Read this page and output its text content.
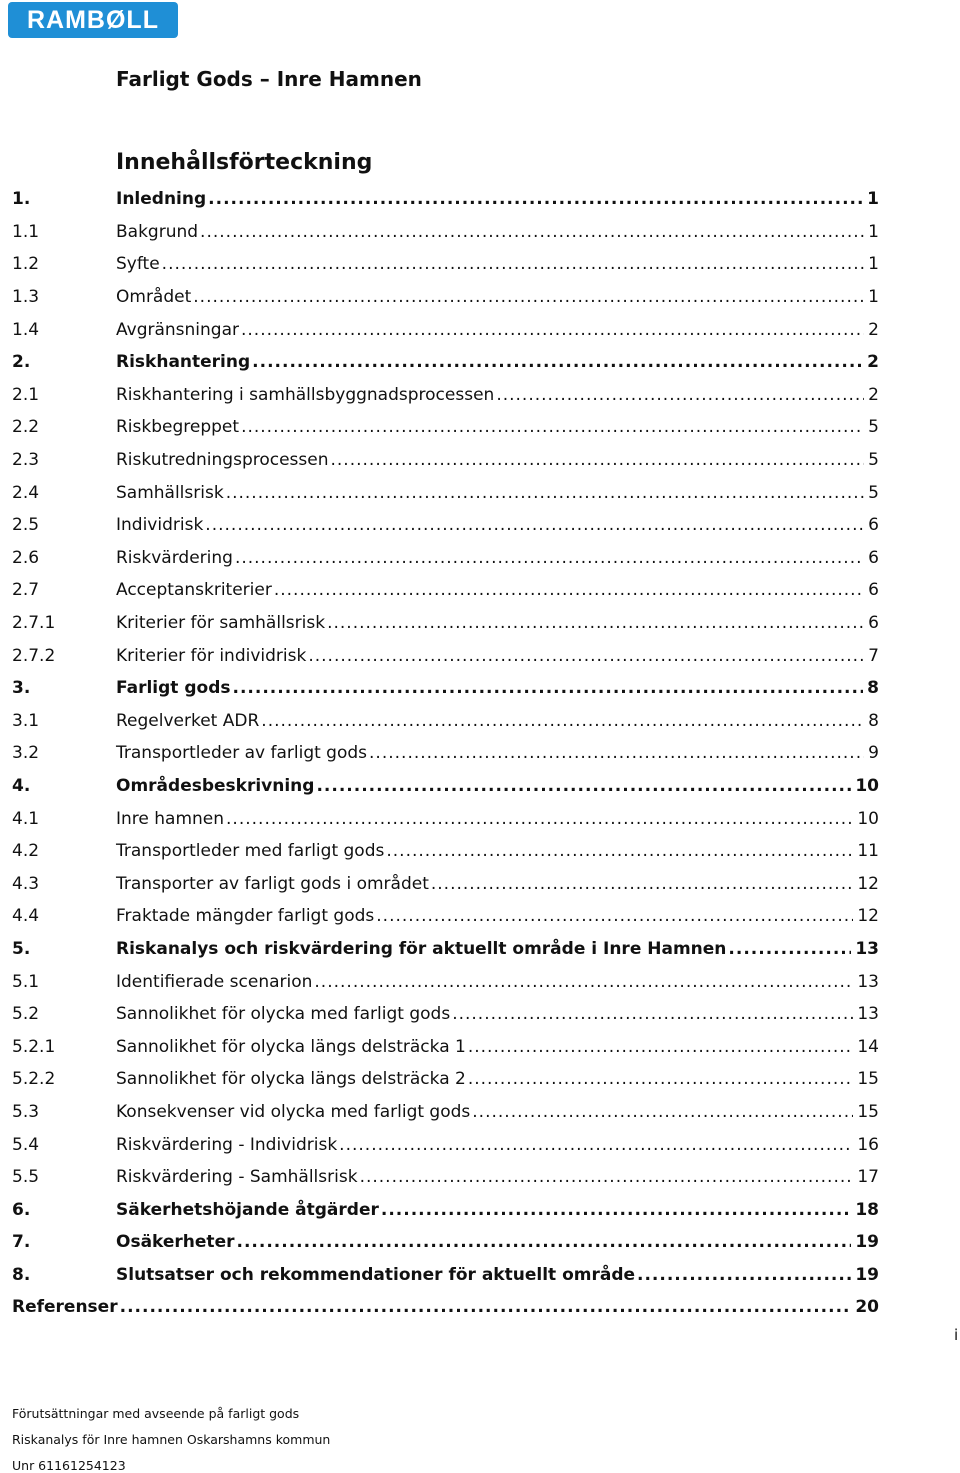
RAMBØLL
Farligt Gods – Inre Hamnen
Innehållsförteckning
1.	Inledning .....	1
1.1	Bakgrund .....	1
1.2	Syfte .....	1
1.3	Området .....	1
1.4	Avgränsningar .....	2
2.	Riskhantering .....	2
2.1	Riskhantering i samhällsbyggnadsprocessen .....	2
2.2	Riskbegreppet .....	5
2.3	Riskutredningsprocessen .....	5
2.4	Samhällsrisk .....	5
2.5	Individrisk .....	6
2.6	Riskvärdering .....	6
2.7	Acceptanskriterier .....	6
2.7.1	Kriterier för samhällsrisk .....	6
2.7.2	Kriterier för individrisk .....	7
3.	Farligt gods .....	8
3.1	Regelverket ADR .....	8
3.2	Transportleder av farligt gods .....	9
4.	Områdesbeskrivning .....	10
4.1	Inre hamnen .....	10
4.2	Transportleder med farligt gods .....	11
4.3	Transporter av farligt gods i området .....	12
4.4	Fraktade mängder farligt gods .....	12
5.	Riskanalys och riskvärdering för aktuellt område i Inre Hamnen .....	13
5.1	Identifierade scenarion .....	13
5.2	Sannolikhet för olycka med farligt gods .....	13
5.2.1	Sannolikhet för olycka längs delsträcka 1 .....	14
5.2.2	Sannolikhet för olycka längs delsträcka 2 .....	15
5.3	Konsekvenser vid olycka med farligt gods .....	15
5.4	Riskvärdering - Individrisk .....	16
5.5	Riskvärdering - Samhällsrisk .....	17
6.	Säkerhetshöjande åtgärder .....	18
7.	Osäkerheter .....	19
8.	Slutsatser och rekommendationer för aktuellt område .....	19
Referenser .....	20
i
Förutsättningar med avseende på farligt gods
Riskanalys för Inre hamnen Oskarshamns kommun
Unr 61161254123
